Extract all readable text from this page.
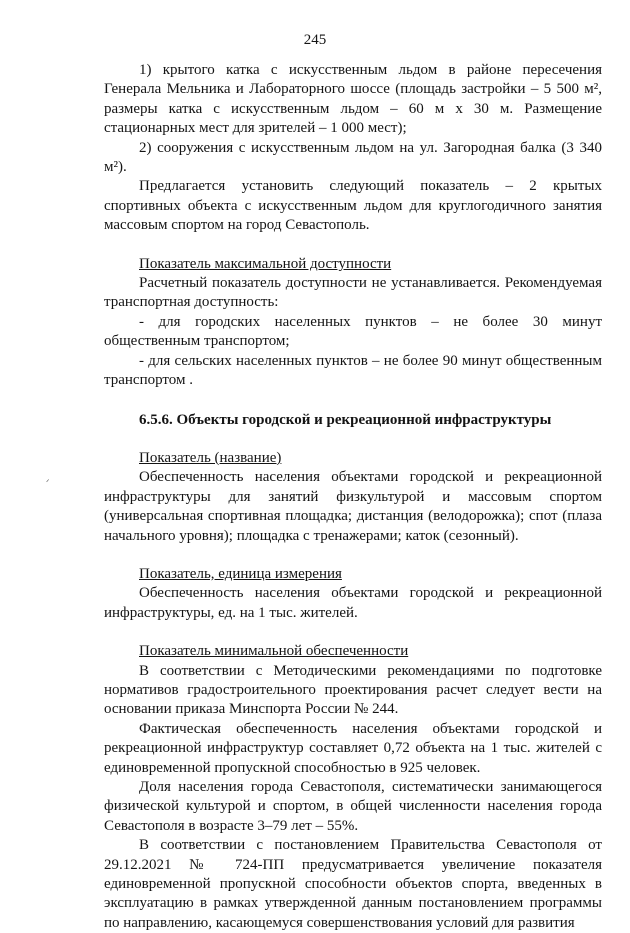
245
ᐟ

1) крытого катка с искусственным льдом в районе пересечения Генерала Мельника и Лабораторного шоссе (площадь застройки – 5 500 м², размеры катка с искусственным льдом – 60 м х 30 м. Размещение стационарных мест для зрителей – 1 000 мест);

2) сооружения с искусственным льдом на ул. Загородная балка (3 340 м²).

Предлагается установить следующий показатель – 2 крытых спортивных объекта с искусственным льдом для круглогодичного занятия массовым спортом на город Севастополь.

Показатель максимальной доступности

Расчетный показатель доступности не устанавливается. Рекомендуемая транспортная доступность:

- для городских населенных пунктов – не более 30 минут общественным транспортом;

- для сельских населенных пунктов – не более 90 минут общественным транспортом .

6.5.6. Объекты городской и рекреационной инфраструктуры

Показатель (название)

Обеспеченность населения объектами городской и рекреационной инфраструктуры для занятий физкультурой и массовым спортом (универсальная спортивная площадка; дистанция (велодорожка); спот (плаза начального уровня); площадка с тренажерами; каток (сезонный).

Показатель, единица измерения

Обеспеченность населения объектами городской и рекреационной инфраструктуры, ед. на 1 тыс. жителей.

Показатель минимальной обеспеченности

В соответствии с Методическими рекомендациями по подготовке нормативов градостроительного проектирования расчет следует вести на основании приказа Минспорта России № 244.

Фактическая обеспеченность населения объектами городской и рекреационной инфраструктур составляет 0,72 объекта на 1 тыс. жителей с единовременной пропускной способностью в 925 человек.

Доля населения города Севастополя, систематически занимающегося физической культурой и спортом, в общей численности населения города Севастополя в возрасте 3–79 лет – 55%.

В соответствии с постановлением Правительства Севастополя от 29.12.2021 № 724-ПП предусматривается увеличение показателя единовременной пропускной способности объектов спорта, введенных в эксплуатацию в рамках утвержденной данным постановлением программы по направлению, касающемуся совершенствования условий для развития
